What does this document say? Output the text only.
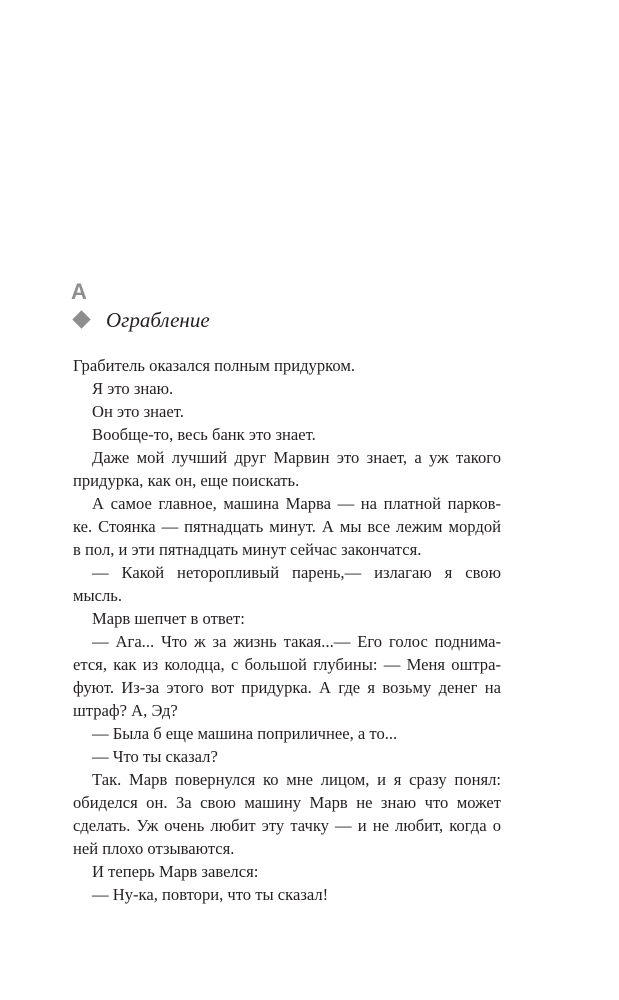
А
Ограбление
Грабитель оказался полным придурком.
Я это знаю.
Он это знает.
Вообще-то, весь банк это знает.
Даже мой лучший друг Марвин это знает, а уж такого
придурка, как он, еще поискать.
А самое главное, машина Марва — на платной парков-
ке. Стоянка — пятнадцать минут. А мы все лежим мордой
в пол, и эти пятнадцать минут сейчас закончатся.
— Какой неторопливый парень,— излагаю я свою
мысль.
Марв шепчет в ответ:
— Ага... Что ж за жизнь такая...— Его голос поднима-
ется, как из колодца, с большой глубины: — Меня оштра-
фуют. Из-за этого вот придурка. А где я возьму денег на
штраф? А, Эд?
— Была б еще машина поприличнее, а то...
— Что ты сказал?
Так. Марв повернулся ко мне лицом, и я сразу понял:
обиделся он. За свою машину Марв не знаю что может
сделать. Уж очень любит эту тачку — и не любит, когда о
ней плохо отзываются.
И теперь Марв завелся:
— Ну-ка, повтори, что ты сказал!
